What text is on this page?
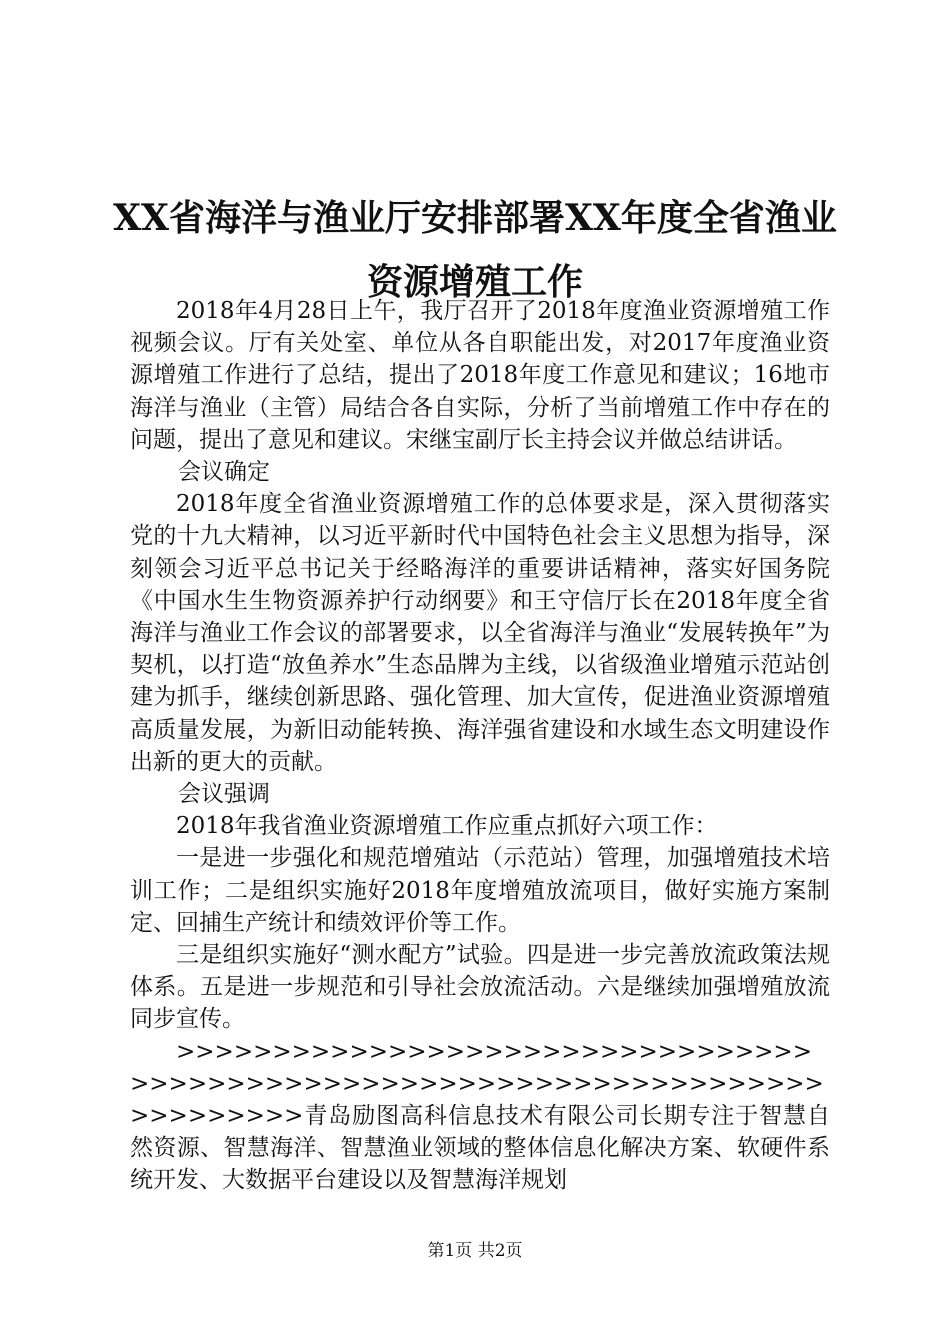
XX省海洋与渔业厅安排部署XX年度全省渔业
资源增殖工作

2018年4月28日上午，我厅召开了2018年度渔业资源增殖工作视频会议。厅有关处室、单位从各自职能出发，对2017年度渔业资源增殖工作进行了总结，提出了2018年度工作意见和建议；16地市海洋与渔业（主管）局结合各自实际，分析了当前增殖工作中存在的问题，提出了意见和建议。宋继宝副厅长主持会议并做总结讲话。

会议确定

2018年度全省渔业资源增殖工作的总体要求是，深入贯彻落实党的十九大精神，以习近平新时代中国特色社会主义思想为指导，深刻领会习近平总书记关于经略海洋的重要讲话精神，落实好国务院《中国水生生物资源养护行动纲要》和王守信厅长在2018年度全省海洋与渔业工作会议的部署要求，以全省海洋与渔业“发展转换年”为契机，以打造“放鱼养水”生态品牌为主线，以省级渔业增殖示范站创建为抓手，继续创新思路、强化管理、加大宣传，促进渔业资源增殖高质量发展，为新旧动能转换、海洋强省建设和水域生态文明建设作出新的更大的贡献。

会议强调

2018年我省渔业资源增殖工作应重点抓好六项工作：

一是进一步强化和规范增殖站（示范站）管理，加强增殖技术培训工作；二是组织实施好2018年度增殖放流项目，做好实施方案制定、回捕生产统计和绩效评价等工作。

三是组织实施好“测水配方”试验。四是进一步完善放流政策法规体系。五是进一步规范和引导社会放流活动。六是继续加强增殖放流同步宣传。

>>>>>>>>>>>>>>>>>>>>>>>>>>>>>>>>>>>>>>>>>>>>>>>>>>>>>>>>>>>>>>>>>>>>>>>>>>>>>>青岛励图高科信息技术有限公司长期专注于智慧自然资源、智慧海洋、智慧渔业领域的整体信息化解决方案、软硬件系统开发、大数据平台建设以及智慧海洋规划

第1页 共2页
